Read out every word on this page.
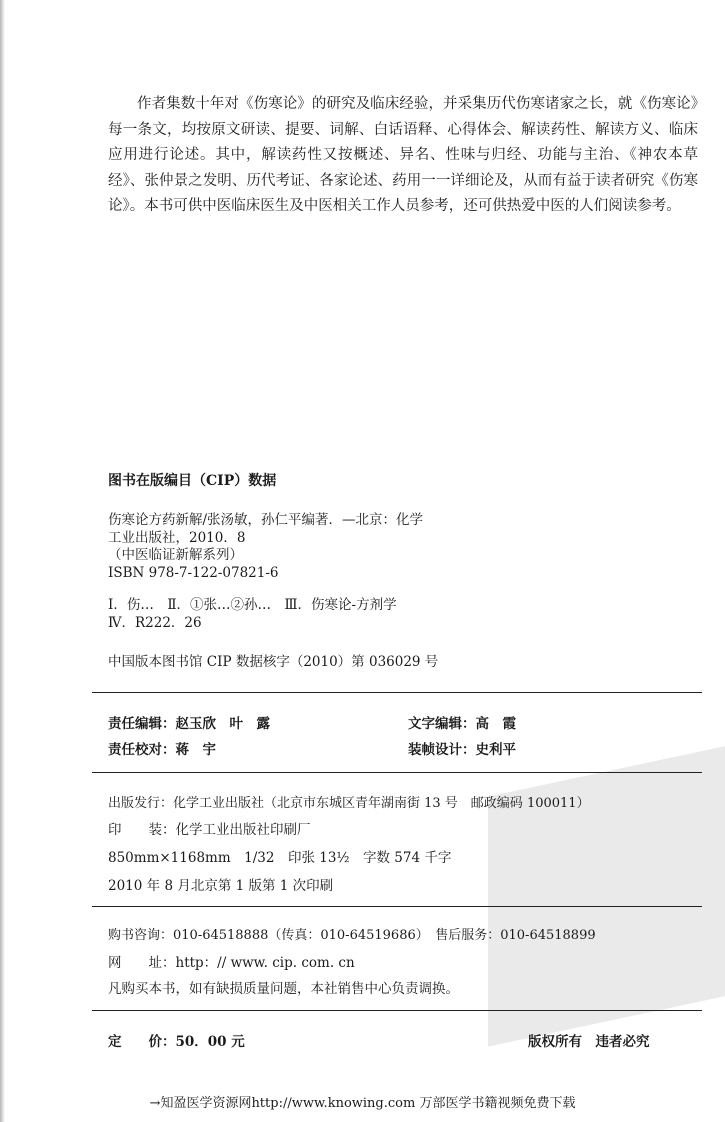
作者集数十年对《伤寒论》的研究及临床经验，并采集历代伤寒诸家之长，就《伤寒论》每一条文，均按原文研读、提要、词解、白话语释、心得体会、解读药性、解读方义、临床应用进行论述。其中，解读药性又按概述、异名、性味与归经、功能与主治、《神农本草经》、张仲景之发明、历代考证、各家论述、药用一一详细论及，从而有益于读者研究《伤寒论》。本书可供中医临床医生及中医相关工作人员参考，还可供热爱中医的人们阅读参考。

图书在版编目（CIP）数据
伤寒论方药新解/张汤敏，孙仁平编著．—北京：化学
工业出版社，2010．8
（中医临证新解系列）
ISBN 978-7-122-07821-6
Ⅰ．伤…　Ⅱ．①张…②孙…　Ⅲ．伤寒论-方剂学
Ⅳ．R222．26
中国版本图书馆 CIP 数据核字（2010）第 036029 号
责任编辑：赵玉欣　叶　露	文字编辑：高　霞
责任校对：蒋　宇	装帧设计：史利平
出版发行：化学工业出版社（北京市东城区青年湖南街 13 号　邮政编码 100011）
印　　装：化学工业出版社印刷厂
850mm×1168mm　1/32　印张 13½　字数 574 千字
2010 年 8 月北京第 1 版第 1 次印刷
购书咨询：010-64518888（传真：010-64519686）　售后服务：010-64518899
网　　址：http：// www. cip. com. cn
凡购买本书，如有缺损质量问题，本社销售中心负责调换。
定　　价：50．00 元	版权所有　违者必究
→知盈医学资源网http://www.knowing.com 万部医学书籍视频免费下载
